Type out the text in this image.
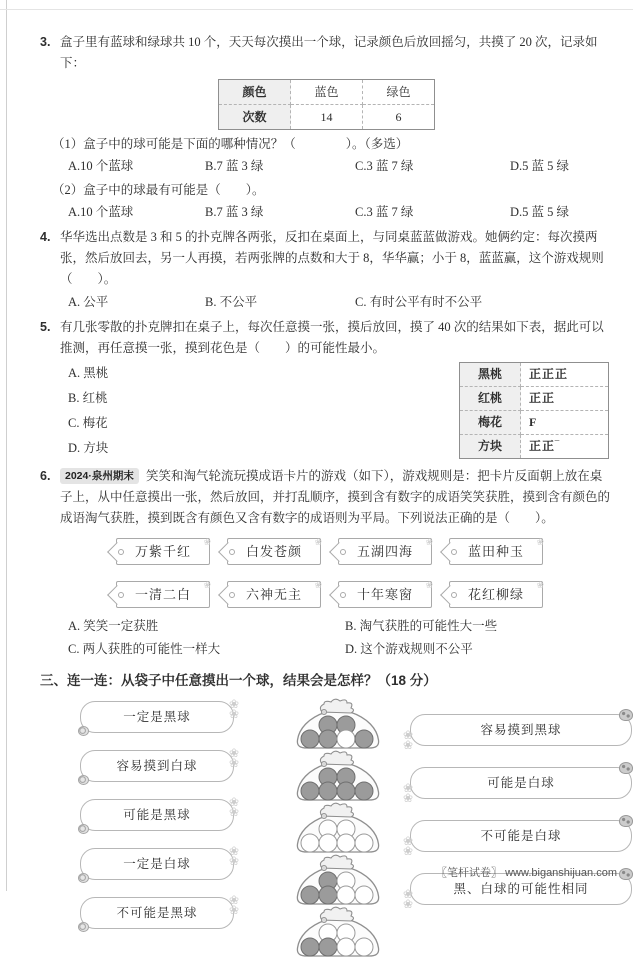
3. 盒子里有蓝球和绿球共 10 个，天天每次摸出一个球，记录颜色后放回摇匀，共摸了 20 次，记录如下：
颜色	蓝色	绿色
次数	14	6
（1）盒子中的球可能是下面的哪种情况？（　　　　）。（多选）
A.10 个蓝球	B.7 蓝 3 绿	C.3 蓝 7 绿	D.5 蓝 5 绿
（2）盒子中的球最有可能是（　　）。
A.10 个蓝球	B.7 蓝 3 绿	C.3 蓝 7 绿	D.5 蓝 5 绿
4. 华华选出点数是 3 和 5 的扑克牌各两张，反扣在桌面上，与同桌蓝蓝做游戏。她俩约定：每次摸两张，然后放回去，另一人再摸，若两张牌的点数和大于 8，华华赢；小于 8，蓝蓝赢，这个游戏规则（　　）。
A. 公平	B. 不公平	C. 有时公平有时不公平
5. 有几张零散的扑克牌扣在桌子上，每次任意摸一张，摸后放回，摸了 40 次的结果如下表，据此可以推测，再任意摸一张，摸到花色是（　　）的可能性最小。
A. 黑桃
B. 红桃
C. 梅花
D. 方块
黑桃	正正正
红桃	正正
梅花	F
方块	正正‾
6. 2024·泉州期末 笑笑和淘气轮流玩摸成语卡片的游戏（如下），游戏规则是：把卡片反面朝上放在桌子上，从中任意摸出一张，然后放回，并打乱顺序，摸到含有数字的成语笑笑获胜，摸到含有颜色的成语淘气获胜，摸到既含有颜色又含有数字的成语则为平局。下列说法正确的是（　　）。
万紫千红 ❀	白发苍颜 ❀	五湖四海 ❀	蓝田种玉
❀
一清二白 ❀	六神无主 ❀	十年寒窗 ❀	花红柳绿
❀
A. 笑笑一定获胜	B. 淘气获胜的可能性大一些
C. 两人获胜的可能性一样大	D. 这个游戏规则不公平
三、连一连：从袋子中任意摸出一个球，结果会是怎样？（18 分）
一定是黑球
❀
❀
容易摸到白球
❀
❀
可能是黑球
❀
❀
一定是白球
❀
❀
不可能是黑球
❀
❀
容易摸到黑球
❀
❀
可能是白球
❀
❀
不可能是白球
❀
❀
黑、白球的可能性相同
❀
❀
〖笔杆试卷〗 www.biganshijuan.com
